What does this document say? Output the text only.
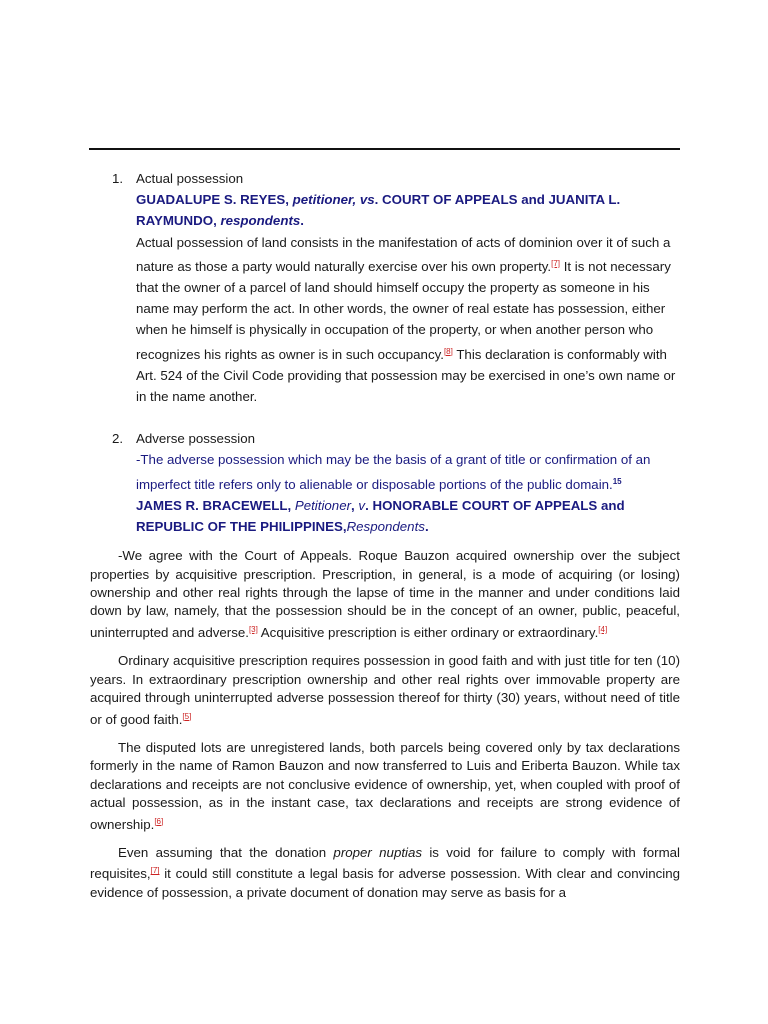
1. Actual possession
GUADALUPE S. REYES, petitioner, vs. COURT OF APPEALS and JUANITA L. RAYMUNDO, respondents.
Actual possession of land consists in the manifestation of acts of dominion over it of such a nature as those a party would naturally exercise over his own property.[7] It is not necessary that the owner of a parcel of land should himself occupy the property as someone in his name may perform the act. In other words, the owner of real estate has possession, either when he himself is physically in occupation of the property, or when another person who recognizes his rights as owner is in such occupancy.[8] This declaration is conformably with Art. 524 of the Civil Code providing that possession may be exercised in one’s own name or in the name another.
2. Adverse possession
-The adverse possession which may be the basis of a grant of title or confirmation of an imperfect title refers only to alienable or disposable portions of the public domain.$^{15}$
JAMES R. BRACEWELL, Petitioner, v. HONORABLE COURT OF APPEALS and REPUBLIC OF THE PHILIPPINES,Respondents.

-We agree with the Court of Appeals. Roque Bauzon acquired ownership over the subject properties by acquisitive prescription. Prescription, in general, is a mode of acquiring (or losing) ownership and other real rights through the lapse of time in the manner and under conditions laid down by law, namely, that the possession should be in the concept of an owner, public, peaceful, uninterrupted and adverse.[3] Acquisitive prescription is either ordinary or extraordinary.[4]

Ordinary acquisitive prescription requires possession in good faith and with just title for ten (10) years. In extraordinary prescription ownership and other real rights over immovable property are acquired through uninterrupted adverse possession thereof for thirty (30) years, without need of title or of good faith.[5]

The disputed lots are unregistered lands, both parcels being covered only by tax declarations formerly in the name of Ramon Bauzon and now transferred to Luis and Eriberta Bauzon. While tax declarations and receipts are not conclusive evidence of ownership, yet, when coupled with proof of actual possession, as in the instant case, tax declarations and receipts are strong evidence of ownership.[6]

Even assuming that the donation proper nuptias is void for failure to comply with formal requisites,[7] it could still constitute a legal basis for adverse possession. With clear and convincing evidence of possession, a private document of donation may serve as basis for a
